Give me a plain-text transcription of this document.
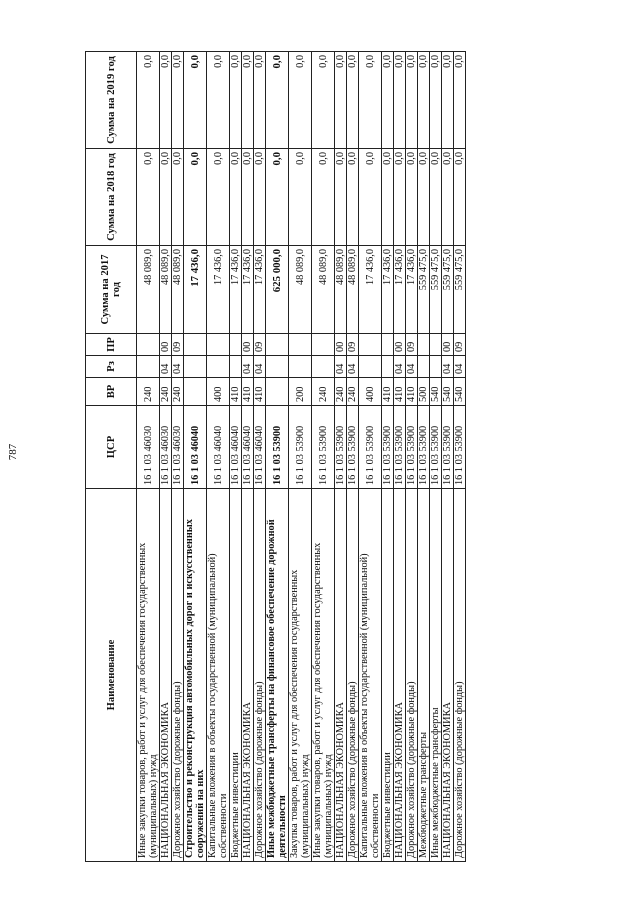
787
Наименование	ЦСР	ВР	Рз	ПР	Сумма на 2017 год	Сумма на 2018 год	Сумма на 2019 год
Иные закупки товаров, работ и услуг для обеспечения государственных (муниципальных) нужд	16 1 03 46030	240			48 089,0	0,0	0,0
НАЦИОНАЛЬНАЯ ЭКОНОМИКА	16 1 03 46030	240	04	00	48 089,0	0,0	0,0
Дорожное хозяйство (дорожные фонды)	16 1 03 46030	240	04	09	48 089,0	0,0	0,0
Строительство и реконструкция автомобильных дорог и искусственных сооружений на них	16 1 03 46040				17 436,0	0,0	0,0
Капитальные вложения в объекты государственной (муниципальной) собственности	16 1 03 46040	400			17 436,0	0,0	0,0
Бюджетные инвестиции	16 1 03 46040	410			17 436,0	0,0	0,0
НАЦИОНАЛЬНАЯ ЭКОНОМИКА	16 1 03 46040	410	04	00	17 436,0	0,0	0,0
Дорожное хозяйство (дорожные фонды)	16 1 03 46040	410	04	09	17 436,0	0,0	0,0
Иные межбюджетные трансферты на финансовое обеспечение дорожной деятельности	16 1 03 53900				625 000,0	0,0	0,0
Закупка товаров, работ и услуг для обеспечения государственных (муниципальных) нужд	16 1 03 53900	200			48 089,0	0,0	0,0
Иные закупки товаров, работ и услуг для обеспечения государственных (муниципальных) нужд	16 1 03 53900	240			48 089,0	0,0	0,0
НАЦИОНАЛЬНАЯ ЭКОНОМИКА	16 1 03 53900	240	04	00	48 089,0	0,0	0,0
Дорожное хозяйство (дорожные фонды)	16 1 03 53900	240	04	09	48 089,0	0,0	0,0
Капитальные вложения в объекты государственной (муниципальной) собственности	16 1 03 53900	400			17 436,0	0,0	0,0
Бюджетные инвестиции	16 1 03 53900	410			17 436,0	0,0	0,0
НАЦИОНАЛЬНАЯ ЭКОНОМИКА	16 1 03 53900	410	04	00	17 436,0	0,0	0,0
Дорожное хозяйство (дорожные фонды)	16 1 03 53900	410	04	09	17 436,0	0,0	0,0
Межбюджетные трансферты	16 1 03 53900	500			559 475,0	0,0	0,0
Иные межбюджетные трансферты	16 1 03 53900	540			559 475,0	0,0	0,0
НАЦИОНАЛЬНАЯ ЭКОНОМИКА	16 1 03 53900	540	04	00	559 475,0	0,0	0,0
Дорожное хозяйство (дорожные фонды)	16 1 03 53900	540	04	09	559 475,0	0,0	0,0
